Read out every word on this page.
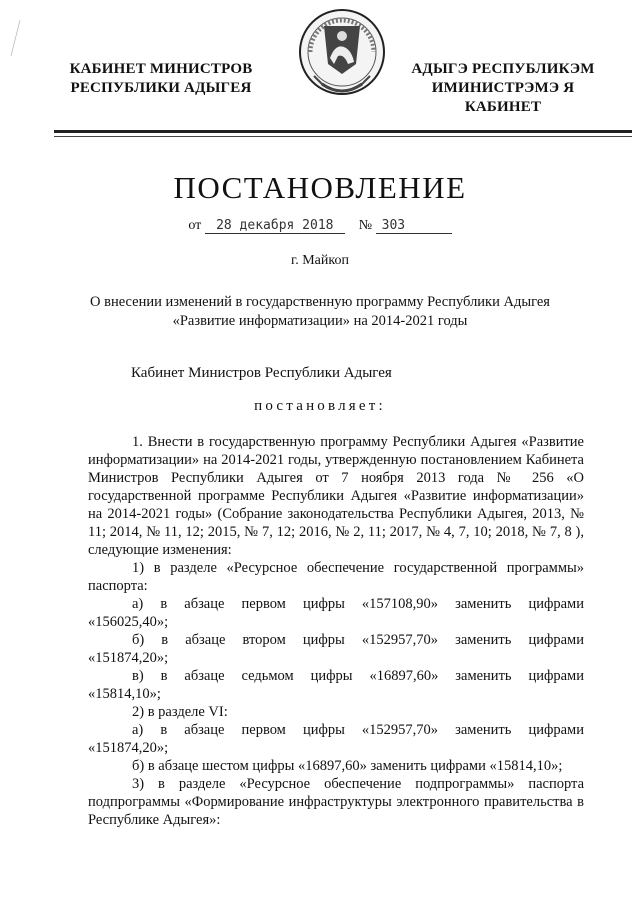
КАБИНЕТ МИНИСТРОВ
РЕСПУБЛИКИ АДЫГЕЯ
АДЫГЭ РЕСПУБЛИКЭМ
ИМИНИСТРЭМЭ Я КАБИНЕТ
ПОСТАНОВЛЕНИЕ
от 28 декабря 2018 № 303
г. Майкоп
О внесении изменений в государственную программу Республики Адыгея
«Развитие информатизации» на 2014-2021 годы
Кабинет Министров Республики Адыгея
постановляет:

1. Внести в государственную программу Республики Адыгея «Развитие информатизации» на 2014-2021 годы, утвержденную постановлением Кабинета Министров Республики Адыгея от 7 ноября 2013 года № 256 «О государственной программе Республики Адыгея «Развитие информатизации» на 2014-2021 годы» (Собрание законодательства Республики Адыгея, 2013, № 11; 2014, № 11, 12; 2015, № 7, 12; 2016, № 2, 11; 2017, № 4, 7, 10; 2018, № 7, 8 ), следующие изменения:

1) в разделе «Ресурсное обеспечение государственной программы» паспорта:

а) в абзаце первом цифры «157108,90» заменить цифрами

«156025,40»;

б) в абзаце втором цифры «152957,70» заменить цифрами

«151874,20»;

в) в абзаце седьмом цифры «16897,60» заменить цифрами

«15814,10»;

2) в разделе VI:

а) в абзаце первом цифры «152957,70» заменить цифрами

«151874,20»;

б) в абзаце шестом цифры «16897,60» заменить цифрами «15814,10»;

3) в разделе «Ресурсное обеспечение подпрограммы» паспорта подпрограммы «Формирование инфраструктуры электронного правительства в Республике Адыгея»:
